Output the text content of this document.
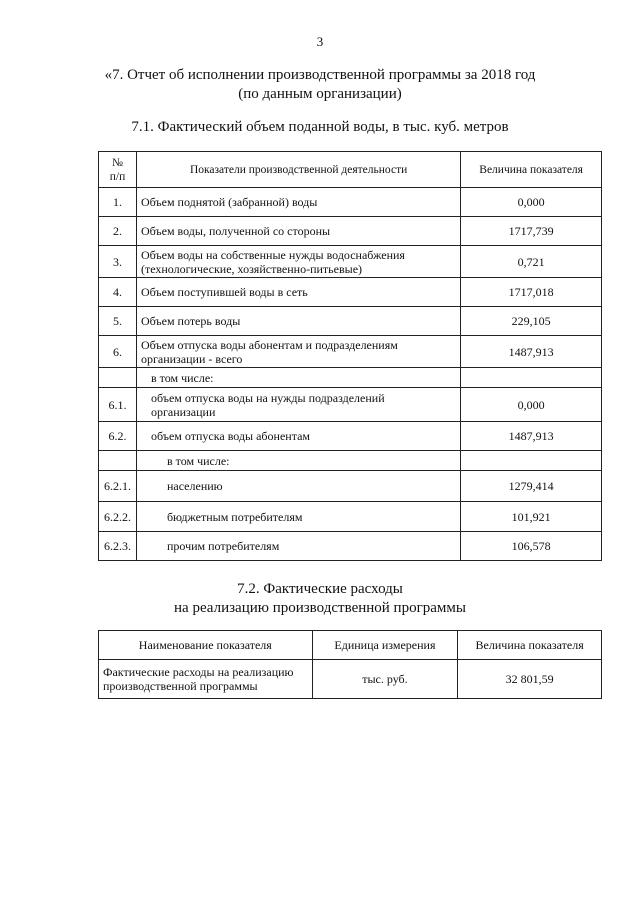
3
«7. Отчет об исполнении производственной программы за 2018 год
(по данным организации)
7.1. Фактический объем поданной воды, в тыс. куб. метров
№
п/п	Показатели производственной деятельности	Величина показателя
1.	Объем поднятой (забранной) воды	0,000
2.	Объем воды, полученной со стороны	1717,739
3.	Объем воды на собственные нужды водоснабжения
(технологические, хозяйственно-питьевые)	0,721
4.	Объем поступившей воды в сеть	1717,018
5.	Объем потерь воды	229,105
6.	Объем отпуска воды абонентам и подразделениям
организации - всего	1487,913
	в том числе:	
6.1.	объем отпуска воды на нужды подразделений
организации	0,000
6.2.	объем отпуска воды абонентам	1487,913
	в том числе:	
6.2.1.	населению	1279,414
6.2.2.	бюджетным потребителям	101,921
6.2.3.	прочим потребителям	106,578
7.2. Фактические расходы
на реализацию производственной программы
Наименование показателя	Единица измерения	Величина показателя

Фактические расходы на реализацию
производственной программы	тыс. руб.	32 801,59
